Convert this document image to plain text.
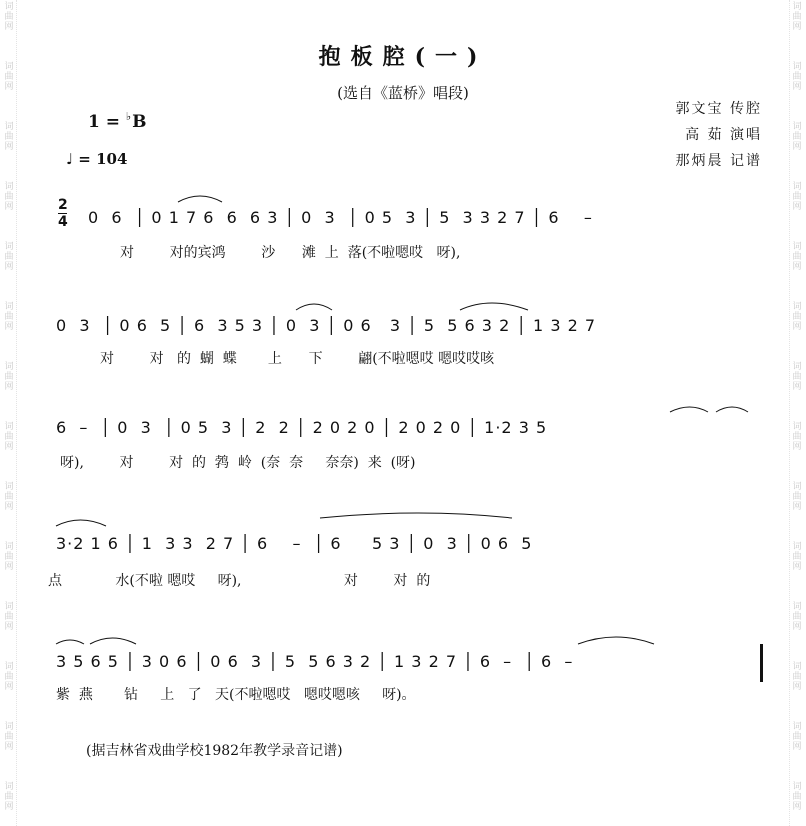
词
曲
网
词
曲
网
词
曲
网
词
曲
网
词
曲
网
词
曲
网
词
曲
网
词
曲
网
词
曲
网
词
曲
网
词
曲
网
词
曲
网
词
曲
网
词
曲
网
词
曲
网
词
曲
网
词
曲
网
词
曲
网
词
曲
网
词
曲
网
词
曲
网
词
曲
网
词
曲
网
词
曲
网
词
曲
网
词
曲
网
词
曲
网
词
曲
网
抱板腔(一)
(选自《蓝桥》唱段)
1 = ♭B
♩ = 104
郭文宝 传腔
高 茹 演唱
那炳晨 记谱
2
4 0  6  │ 0 1 7 6  6  6 3 │ 0  3  │ 0 5  3 │ 5  3 3 2 7 │ 6    –
对        对的宾鸿        沙      滩  上  落(不啦嗯哎   呀),
0  3  │ 0 6  5 │ 6  3 5 3 │ 0  3 │ 0 6   3 │ 5  5 6 3 2 │ 1 3 2 7
对        对   的  蝴  蝶       上      下        翩(不啦嗯哎 嗯哎哎咳
6  –  │ 0  3  │ 0 5  3 │ 2  2 │ 2 0 2 0 │ 2 0 2 0 │ 1·2 3 5
呀),        对        对  的  鹁  岭  (奈  奈     奈奈)  来  (呀)
3·2 1 6 │ 1  3 3  2 7 │ 6    –  │ 6     5 3 │ 0  3 │ 0 6  5
点            水(不啦 嗯哎     呀),                       对        对  的
3 5 6 5 │ 3 0 6 │ 0 6  3 │ 5  5 6 3 2 │ 1 3 2 7 │ 6  –  │ 6  –
紫  燕       钻     上   了   天(不啦嗯哎   嗯哎嗯咳     呀)。
(据吉林省戏曲学校1982年教学录音记谱)
